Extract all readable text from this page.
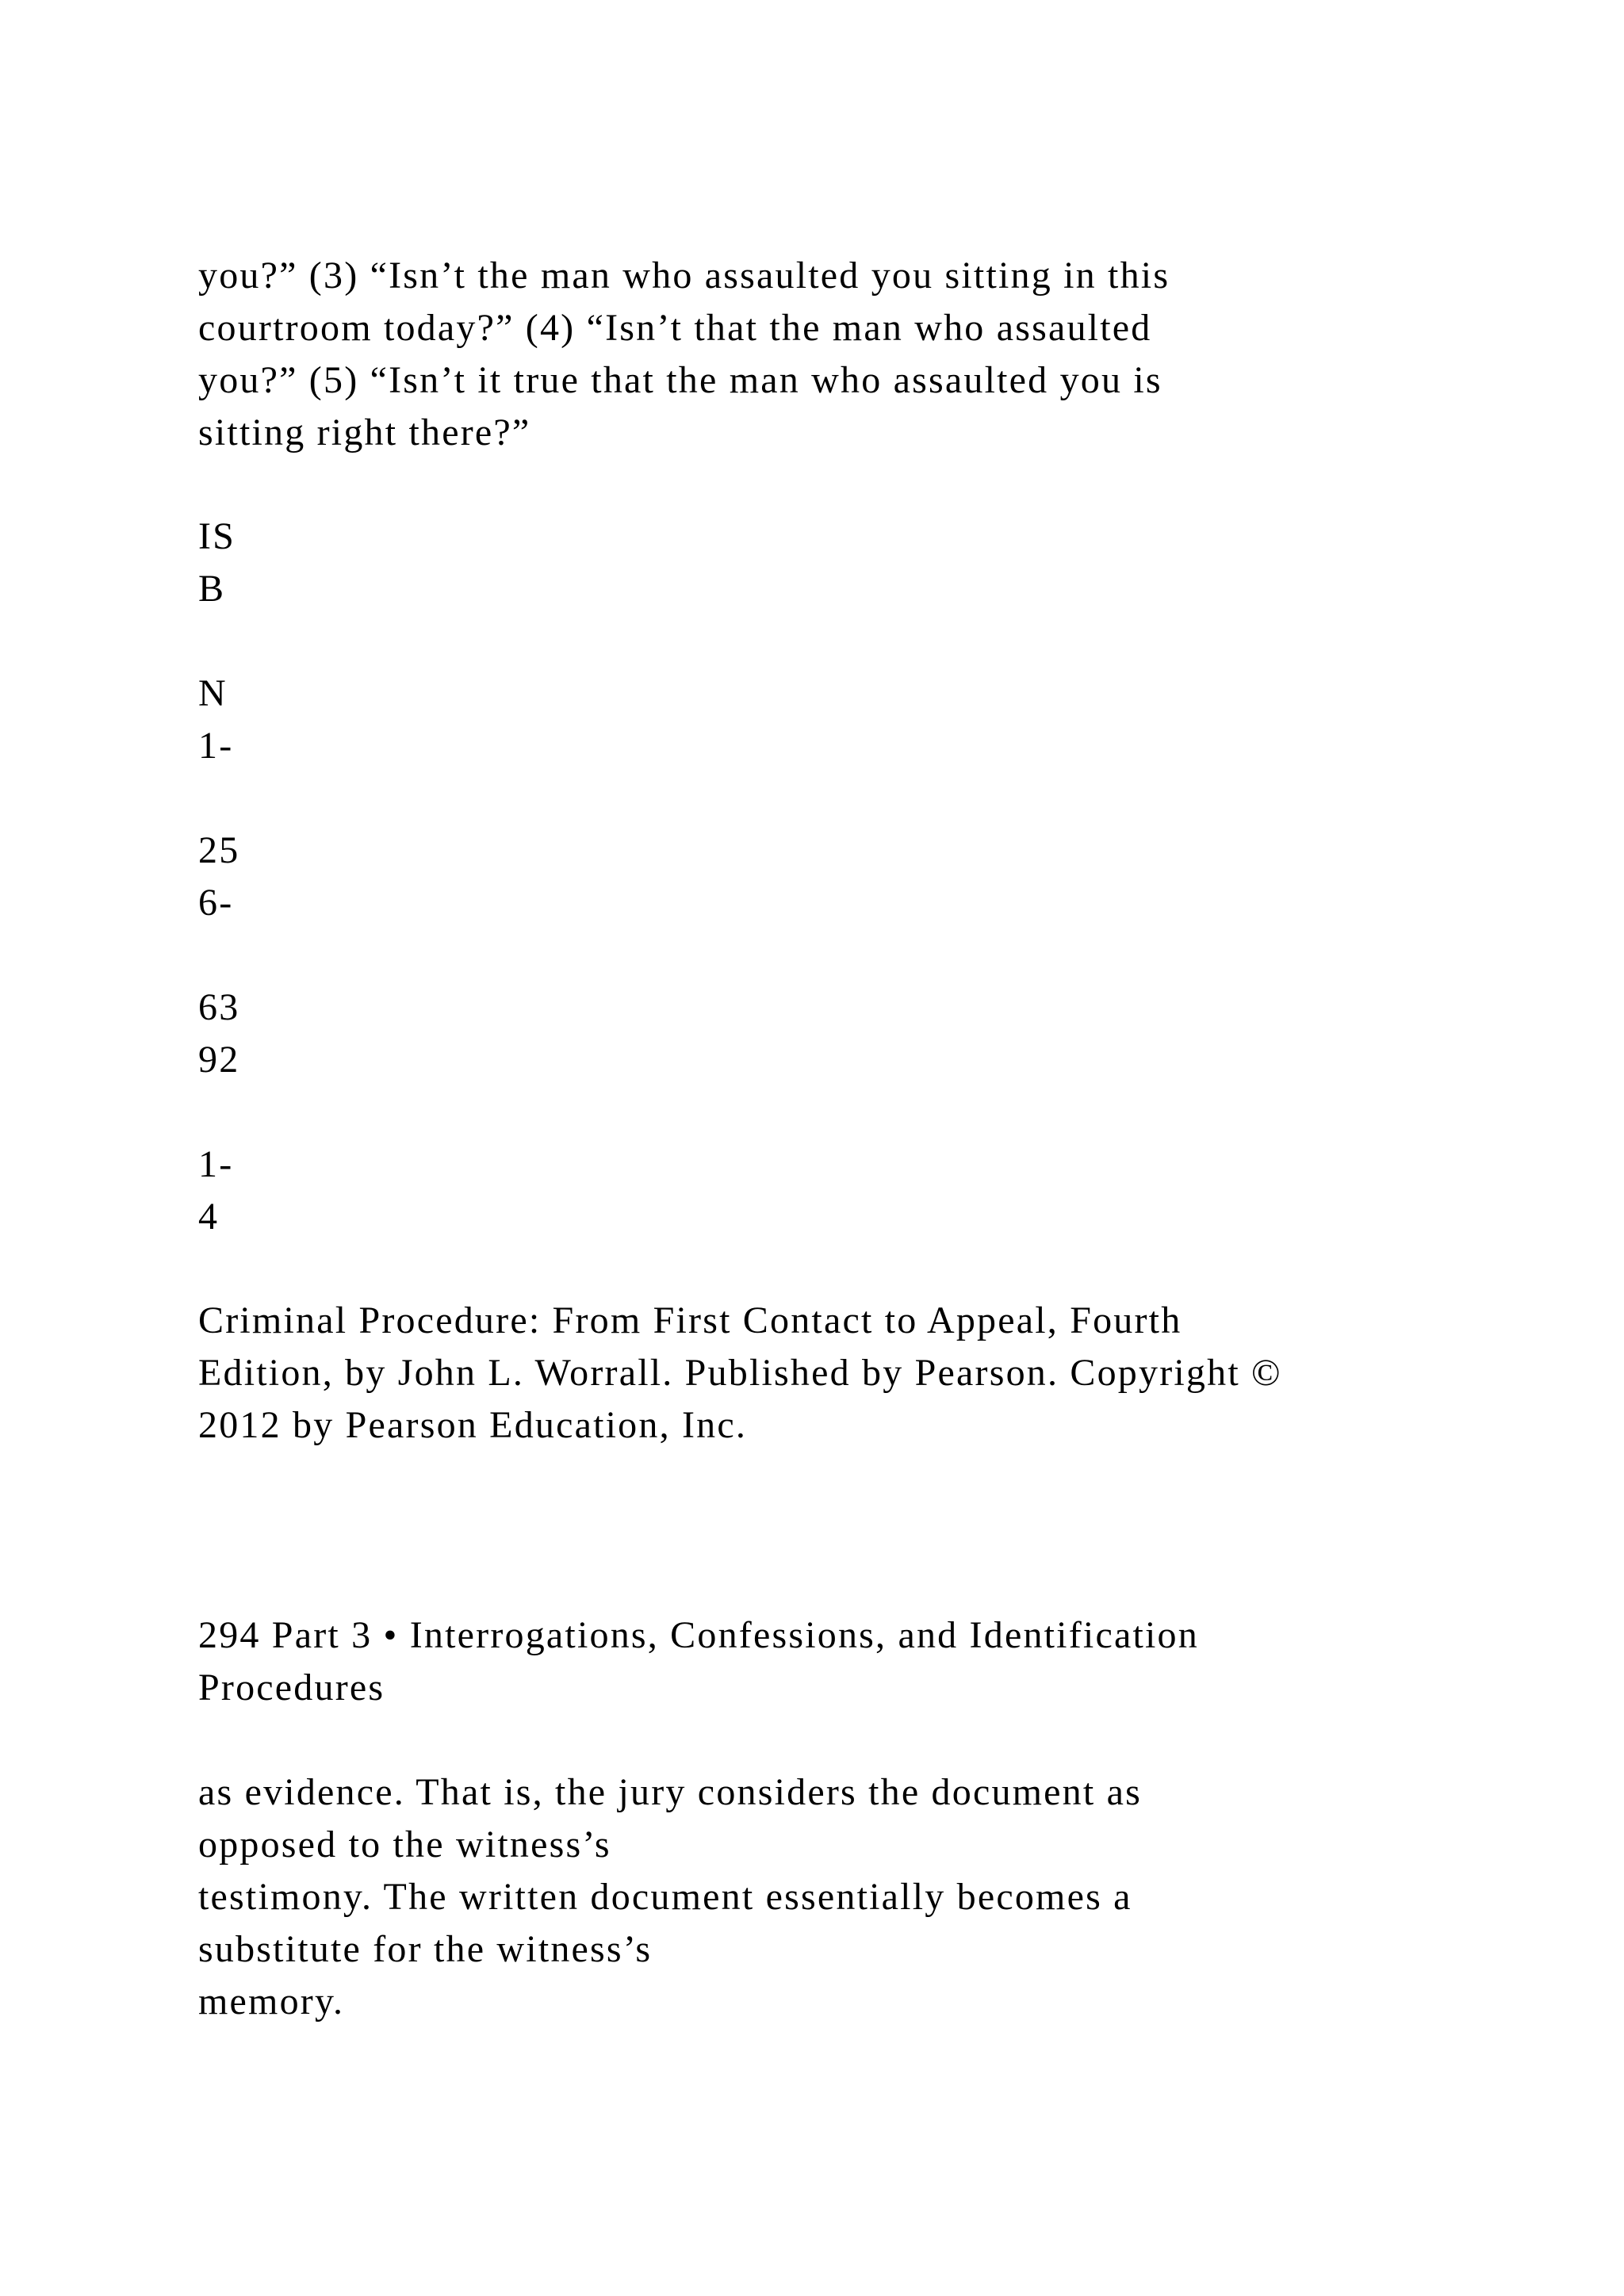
you?” (3) “Isn’t the man who assaulted you sitting in this
courtroom today?” (4) “Isn’t that the man who assaulted
you?” (5) “Isn’t it true that the man who assaulted you is
sitting right there?”
IS
B
N
1-
25
6-
63
92
1-
4
Criminal Procedure: From First Contact to Appeal, Fourth
Edition, by John L. Worrall. Published by Pearson. Copyright ©
2012 by Pearson Education, Inc.
294 Part 3 • Interrogations, Confessions, and Identification
Procedures
as evidence. That is, the jury considers the document as
opposed to the witness’s
testimony. The written document essentially becomes a
substitute for the witness’s
memory.
